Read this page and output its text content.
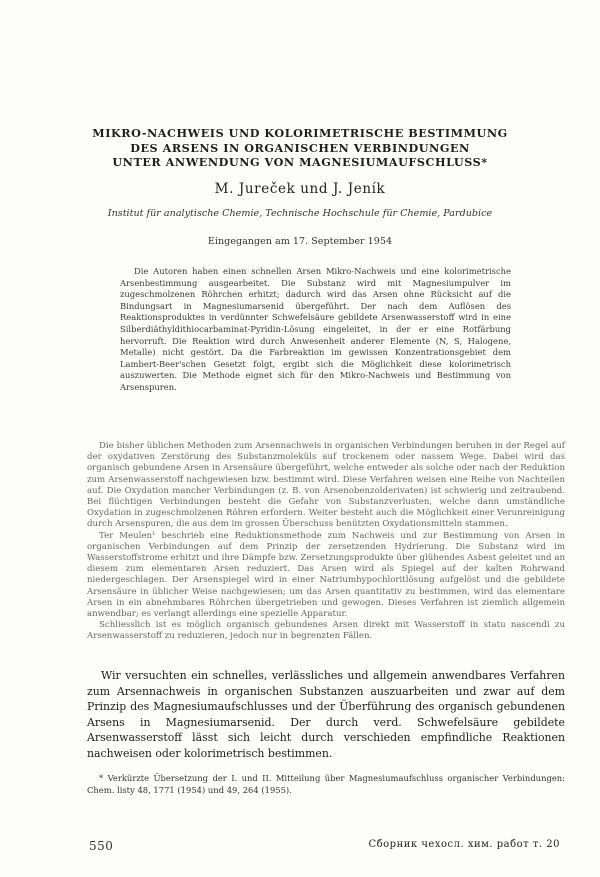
MIKRO-NACHWEIS UND KOLORIMETRISCHE BESTIMMUNG
DES ARSENS IN ORGANISCHEN VERBINDUNGEN
UNTER ANWENDUNG VON MAGNESIUMAUFSCHLUSS*
M. Jureček und J. Jeník
Institut für analytische Chemie, Technische Hochschule für Chemie, Pardubice
Eingegangen am 17. September 1954
Die Autoren haben einen schnellen Arsen Mikro-Nachweis und eine kolorimetrische Arsenbestimmung ausgearbeitet. Die Substanz wird mit Magnesiumpulver im zugeschmolzenen Röhrchen erhitzt; dadurch wird das Arsen ohne Rücksicht auf die Bindungsart in Magnesiumarsenid übergeführt. Der nach dem Auflösen des Reaktionsproduktes in verdünnter Schwefelsäure gebildete Arsenwasserstoff wird in eine Silberdiäthyldithiocarbaminat-Pyridin-Lösung eingeleitet, in der er eine Rotfärbung hervorruft. Die Reaktion wird durch Anwesenheit anderer Elemente (N, S, Halogene, Metalle) nicht gestört. Da die Farbreaktion im gewissen Konzentrationsgebiet dem Lambert-Beer'schen Gesetzt folgt, ergibt sich die Möglichkeit diese kolorimetrisch auszuwerten. Die Methode eignet sich für den Mikro-Nachweis und Bestimmung von Arsenspuren.

Die bisher üblichen Methoden zum Arsennachweis in organischen Verbindungen beruhen in der Regel auf der oxydativen Zerstörung des Substanzmoleküls auf trockenem oder nassem Wege. Dabei wird das organisch gebundene Arsen in Arsensäure übergeführt, welche entweder als solche oder nach der Reduktion zum Arsenwasserstoff nachgewiesen bzw. bestimmt wird. Diese Verfahren weisen eine Reihe von Nachteilen auf. Die Oxydation mancher Verbindungen (z. B. von Arsenobenzolderivaten) ist schwierig und zeitraubend. Bei flüchtigen Verbindungen besteht die Gefahr von Substanzverlusten, welche dann umständliche Oxydation in zugeschmolzenen Röhren erfordern. Weiter besteht auch die Möglichkeit einer Verunreinigung durch Arsenspuren, die aus dem im grossen Überschuss benützten Oxydationsmitteln stammen.

Ter Meulen¹ beschrieb eine Reduktionsmethode zum Nachweis und zur Bestimmung von Arsen in organischen Verbindungen auf dem Prinzip der zersetzenden Hydrierung. Die Substanz wird im Wasserstoffstrome erhitzt und ihre Dämpfe bzw. Zersetzungsprodukte über glühendes Asbest geleitet und an diesem zum elementaren Arsen reduziert. Das Arsen wird als Spiegel auf der kalten Rohrwand niedergeschlagen. Der Arsenspiegel wird in einer Natriumhypochloritlösung aufgelöst und die gebildete Arsensäure in üblicher Weise nachgewiesen; um das Arsen quantitativ zu bestimmen, wird das elementare Arsen in ein abnehmbares Röhrchen übergetrieben und gewogen. Dieses Verfahren ist ziemlich allgemein anwendbar; es verlangt allerdings eine spezielle Apparatur.

Schliesslich ist es möglich organisch gebundenes Arsen direkt mit Wasserstoff in statu nascendi zu Arsenwasserstoff zu reduzieren, jedoch nur in begrenzten Fällen.

Wir versuchten ein schnelles, verlässliches und allgemein anwendbares Verfahren zum Arsennachweis in organischen Substanzen auszuarbeiten und zwar auf dem Prinzip des Magnesiumaufschlusses und der Überführung des organisch gebundenen Arsens in Magnesiumarsenid. Der durch verd. Schwefelsäure gebildete Arsenwasserstoff lässt sich leicht durch verschieden empfindliche Reaktionen nachweisen oder kolorimetrisch bestimmen.
* Verkürzte Übersetzung der I. und II. Mitteilung über Magnesiumaufschluss organischer Verbindungen: Chem. listy 48, 1771 (1954) und 49, 264 (1955).
550	Сборник чехосл. хим. работ т. 20
